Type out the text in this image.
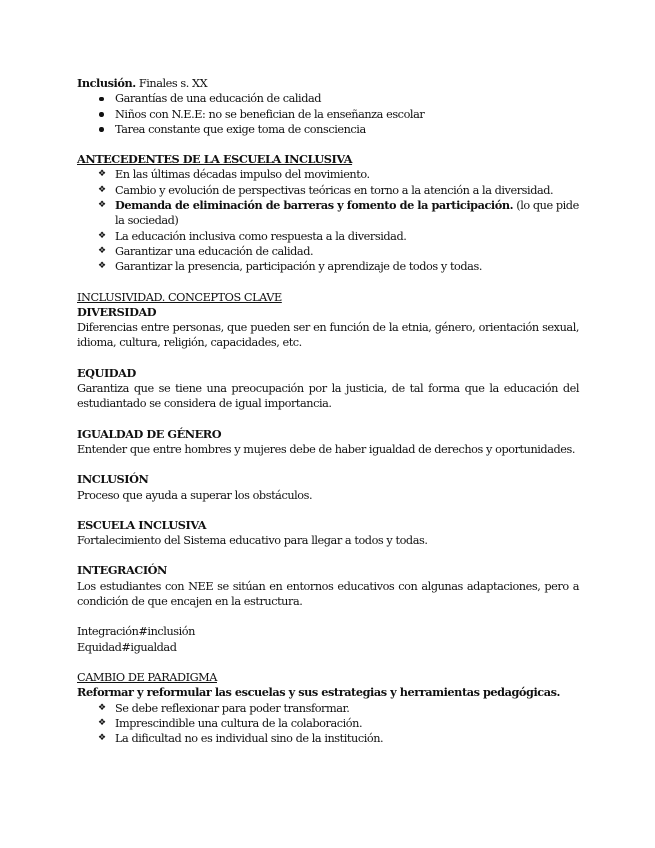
Inclusión. Finales s. XX

Garantías de una educación de calidad
Niños con N.E.E: no se benefician de la enseñanza escolar
Tarea constante que exige toma de consciencia

ANTECEDENTES DE LA ESCUELA INCLUSIVA

❖ En las últimas décadas impulso del movimiento.
❖ Cambio y evolución de perspectivas teóricas en torno a la atención a la diversidad.
❖ Demanda de eliminación de barreras y fomento de la participación. (lo que pide la sociedad)
❖ La educación inclusiva como respuesta a la diversidad.
❖ Garantizar una educación de calidad.
❖ Garantizar la presencia, participación y aprendizaje de todos y todas.

INCLUSIVIDAD. CONCEPTOS CLAVE

DIVERSIDAD

Diferencias entre personas, que pueden ser en función de la etnia, género, orientación sexual, idioma, cultura, religión, capacidades, etc.

EQUIDAD

Garantiza que se tiene una preocupación por la justicia, de tal forma que la educación del estudiantado se considera de igual importancia.

IGUALDAD DE GÉNERO

Entender que entre hombres y mujeres debe de haber igualdad de derechos y oportunidades.

INCLUSIÓN

Proceso que ayuda a superar los obstáculos.

ESCUELA INCLUSIVA

Fortalecimiento del Sistema educativo para llegar a todos y todas.

INTEGRACIÓN

Los estudiantes con NEE se sitúan en entornos educativos con algunas adaptaciones, pero a condición de que encajen en la estructura.

Integración#inclusión

Equidad#igualdad

CAMBIO DE PARADIGMA

Reformar y reformular las escuelas y sus estrategias y herramientas pedagógicas.

❖ Se debe reflexionar para poder transformar.
❖ Imprescindible una cultura de la colaboración.
❖ La dificultad no es individual sino de la institución.
